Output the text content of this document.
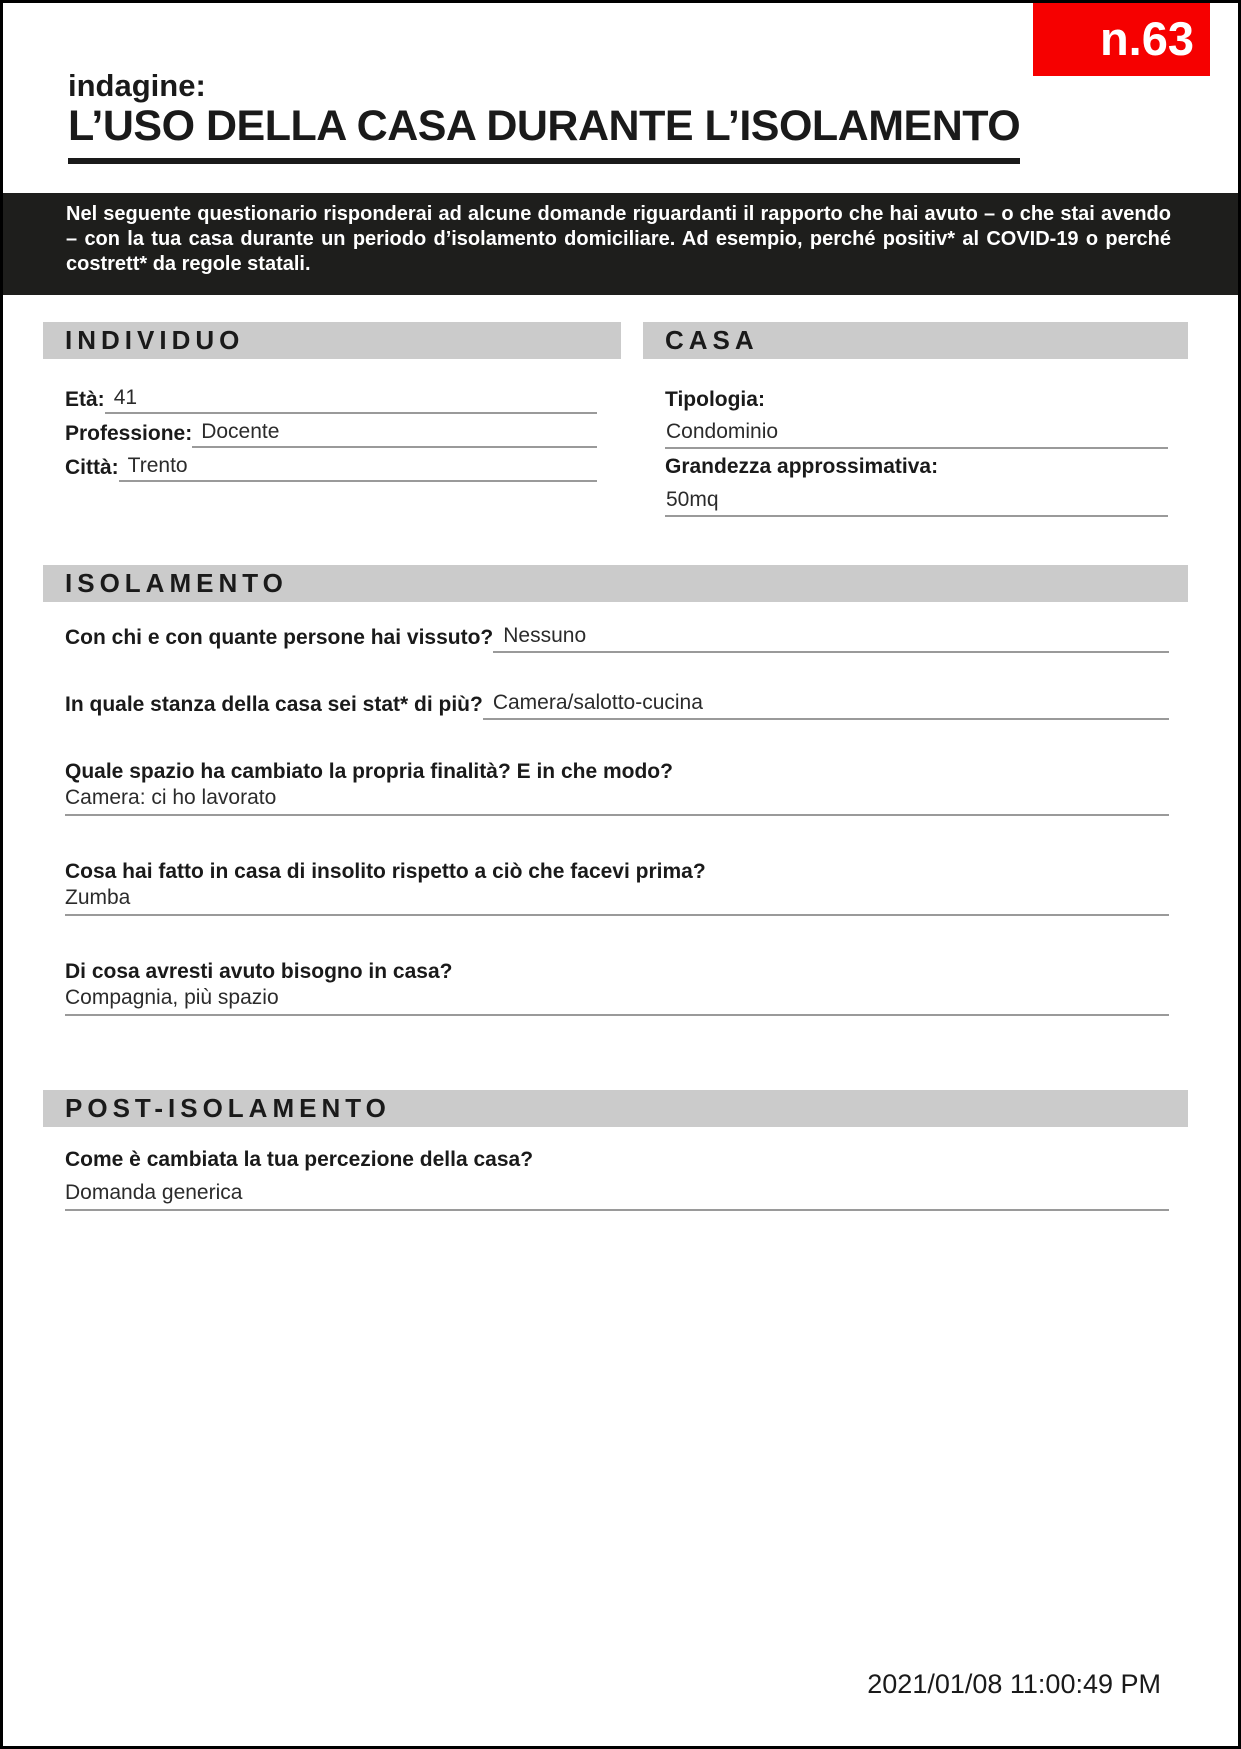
n.63
indagine:
L’USO DELLA CASA DURANTE L’ISOLAMENTO
Nel seguente questionario risponderai ad alcune domande riguardanti il rapporto che hai avuto – o che stai avendo – con la tua casa durante un periodo d’isolamento domiciliare. Ad esempio, perché positiv* al COVID-19 o perché costrett* da regole statali.
INDIVIDUO
Età: 41
Professione: Docente
Città: Trento
CASA
Tipologia:
Condominio
Grandezza approssimativa:
50mq
ISOLAMENTO
Con chi e con quante persone hai vissuto? Nessuno
In quale stanza della casa sei stat* di più? Camera/salotto-cucina
Quale spazio ha cambiato la propria finalità? E in che modo?
Camera: ci ho lavorato
Cosa hai fatto in casa di insolito rispetto a ciò che facevi prima?
Zumba
Di cosa avresti avuto bisogno in casa?
Compagnia, più spazio
POST-ISOLAMENTO
Come è cambiata la tua percezione della casa?
Domanda generica
2021/01/08 11:00:49 PM
